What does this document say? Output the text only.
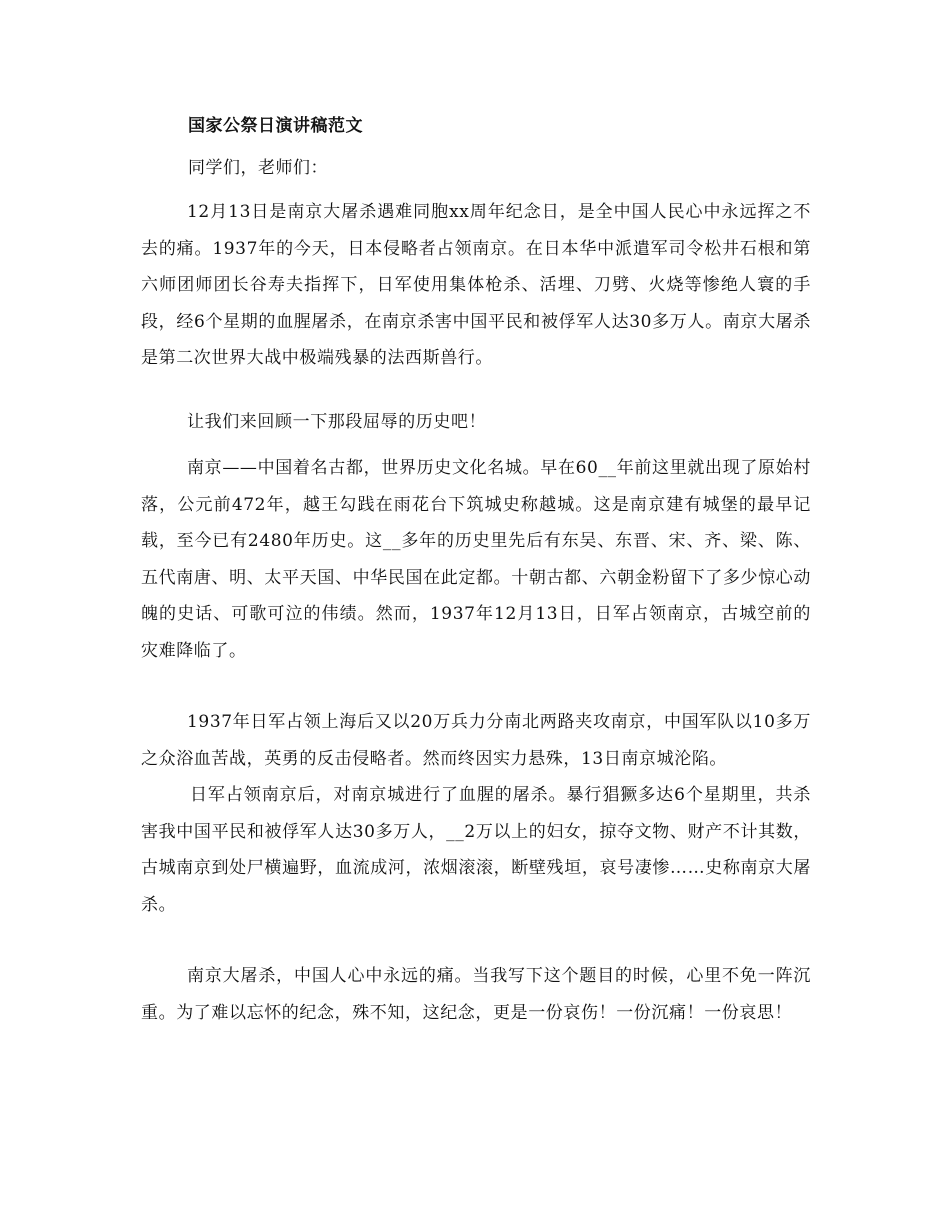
国家公祭日演讲稿范文
同学们，老师们：

12月13日是南京大屠杀遇难同胞xx周年纪念日，是全中国人民心中永远挥之不去的痛。1937年的今天，日本侵略者占领南京。在日本华中派遣军司令松井石根和第六师团师团长谷寿夫指挥下，日军使用集体枪杀、活埋、刀劈、火烧等惨绝人寰的手段，经6个星期的血腥屠杀，在南京杀害中国平民和被俘军人达30多万人。南京大屠杀是第二次世界大战中极端残暴的法西斯兽行。

让我们来回顾一下那段屈辱的历史吧！

南京——中国着名古都，世界历史文化名城。早在60__年前这里就出现了原始村落，公元前472年，越王勾践在雨花台下筑城史称越城。这是南京建有城堡的最早记载，至今已有2480年历史。这__多年的历史里先后有东吴、东晋、宋、齐、梁、陈、五代南唐、明、太平天国、中华民国在此定都。十朝古都、六朝金粉留下了多少惊心动魄的史话、可歌可泣的伟绩。然而，1937年12月13日，日军占领南京，古城空前的灾难降临了。

1937年日军占领上海后又以20万兵力分南北两路夹攻南京，中国军队以10多万之众浴血苦战，英勇的反击侵略者。然而终因实力悬殊，13日南京城沦陷。

日军占领南京后，对南京城进行了血腥的屠杀。暴行猖獗多达6个星期里，共杀害我中国平民和被俘军人达30多万人，__2万以上的妇女，掠夺文物、财产不计其数，古城南京到处尸横遍野，血流成河，浓烟滚滚，断壁残垣，哀号凄惨……史称南京大屠杀。

南京大屠杀，中国人心中永远的痛。当我写下这个题目的时候，心里不免一阵沉重。为了难以忘怀的纪念，殊不知，这纪念，更是一份哀伤！一份沉痛！一份哀思！
